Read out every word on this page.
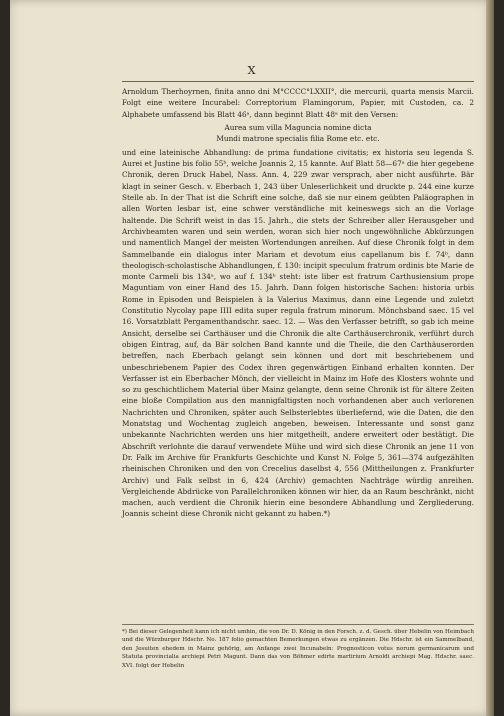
X

Arnoldum Therhoyrnen, finita anno dni M°CCCC°LXXII°, die mercurii, quarta mensis Marcii. Folgt eine weitere Incurabel: Correptorium Flamingorum, Papier, mit Custoden, ca. 2 Alphabete umfassend bis Blatt 46ᵃ, dann beginnt Blatt 48ᵃ mit den Versen:

Aurea sum villa Maguncia nomine dicta
Mundi matrone specialis filia Rome etc. etc.

und eine lateinische Abhandlung: de prima fundatione civitatis; ex historia seu legenda S. Aurei et Justine bis folio 55ᵇ, welche Joannis 2, 15 kannte. Auf Blatt 58—67ᵃ die hier gegebene Chronik, deren Druck Habel, Nass. Ann. 4, 229 zwar versprach, aber nicht ausführte. Bär klagt in seiner Gesch. v. Eberbach 1, 243 über Unleserlichkeit und druckte p. 244 eine kurze Stelle ab. In der That ist die Schrift eine solche, daß sie nur einem geübten Paläographen in allen Worten lesbar ist, eine schwer verständliche mit keineswegs sich an die Vorlage haltende. Die Schrift weist in das 15. Jahrh., die stets der Schreiber aller Herausgeber und Archivbeamten waren und sein werden, woran sich hier noch ungewöhnliche Abkürzungen und namentlich Mangel der meisten Wortendungen anreihen. Auf diese Chronik folgt in dem Sammelbande ein dialogus inter Mariam et devotum eius capellanum bis f. 74ᵇ, dann theologisch-scholastische Abhandlungen, f. 130: incipit speculum fratrum ordinis bte Marie de monte Carmeli bis 134ᵃ, wo auf f. 134ᵇ steht: iste liber est fratrum Carthusiensium prope Maguntiam von einer Hand des 15. Jahrh. Dann folgen historische Sachen: historia urbis Rome in Episoden und Beispielen à la Valerius Maximus, dann eine Legende und zuletzt Constitutio Nycolay pape IIII edita super regula fratrum minorum. Mönchsband saec. 15 vel 16. Vorsatzblatt Pergamenthandschr. saec. 12. — Was den Verfasser betrifft, so gab ich meine Ansicht, derselbe sei Carthäuser und die Chronik die alte Carthäuserchronik, verführt durch obigen Eintrag, auf, da Bär solchen Band kannte und die Theile, die den Carthäuserorden betreffen, nach Eberbach gelangt sein können und dort mit beschriebenem und unbeschriebenem Papier des Codex ihren gegenwärtigen Einband erhalten konnten. Der Verfasser ist ein Eberbacher Mönch, der vielleicht in Mainz im Hofe des Klosters wohnte und so zu geschichtlichem Material über Mainz gelangte, denn seine Chronik ist für ältere Zeiten eine bloße Compilation aus den mannigfaltigsten noch vorhandenen aber auch verlorenen Nachrichten und Chroniken, später auch Selbsterlebtes überliefernd, wie die Daten, die den Monatstag und Wochentag zugleich angeben, beweisen. Interessante und sonst ganz unbekannte Nachrichten werden uns hier mitgetheilt, andere erweitert oder bestätigt. Die Abschrift verlohnte die darauf verwendete Mühe und wird sich diese Chronik an jene 11 von Dr. Falk im Archive für Frankfurts Geschichte und Kunst N. Folge 5, 361—374 aufgezählten rheinischen Chroniken und den von Crecelius daselbst 4, 556 (Mittheilungen z. Frankfurter Archiv) und Falk selbst in 6, 424 (Archiv) gemachten Nachträge würdig anreihen. Vergleichende Abdrücke von Parallelchroniken können wir hier, da an Raum beschränkt, nicht machen, auch verdient die Chronik hierin eine besondere Abhandlung und Zergliederung. Joannis scheint diese Chronik nicht gekannt zu haben.*)

*) Bei dieser Gelegenheit kann ich nicht umhin, die von Dr. D. König in den Forsch. z. d. Gesch. über Hebelin von Heimbach und die Würzburger Hdschr. No. 187 folio gemachten Bemerkungen etwas zu ergänzen. Die Hdschr. ist ein Sammelband, den Jesuiten ehedem in Mainz gehörig, am Anfange zwei Incunabeln: Prognosticon votus norum germanicarum und Statuta provincialia archiepi Petri Magunt. Dann das von Böhmer edirte martirium Arnoldi archiepi Mag. Hdschr. saec. XVI. folgt der Hebelin
